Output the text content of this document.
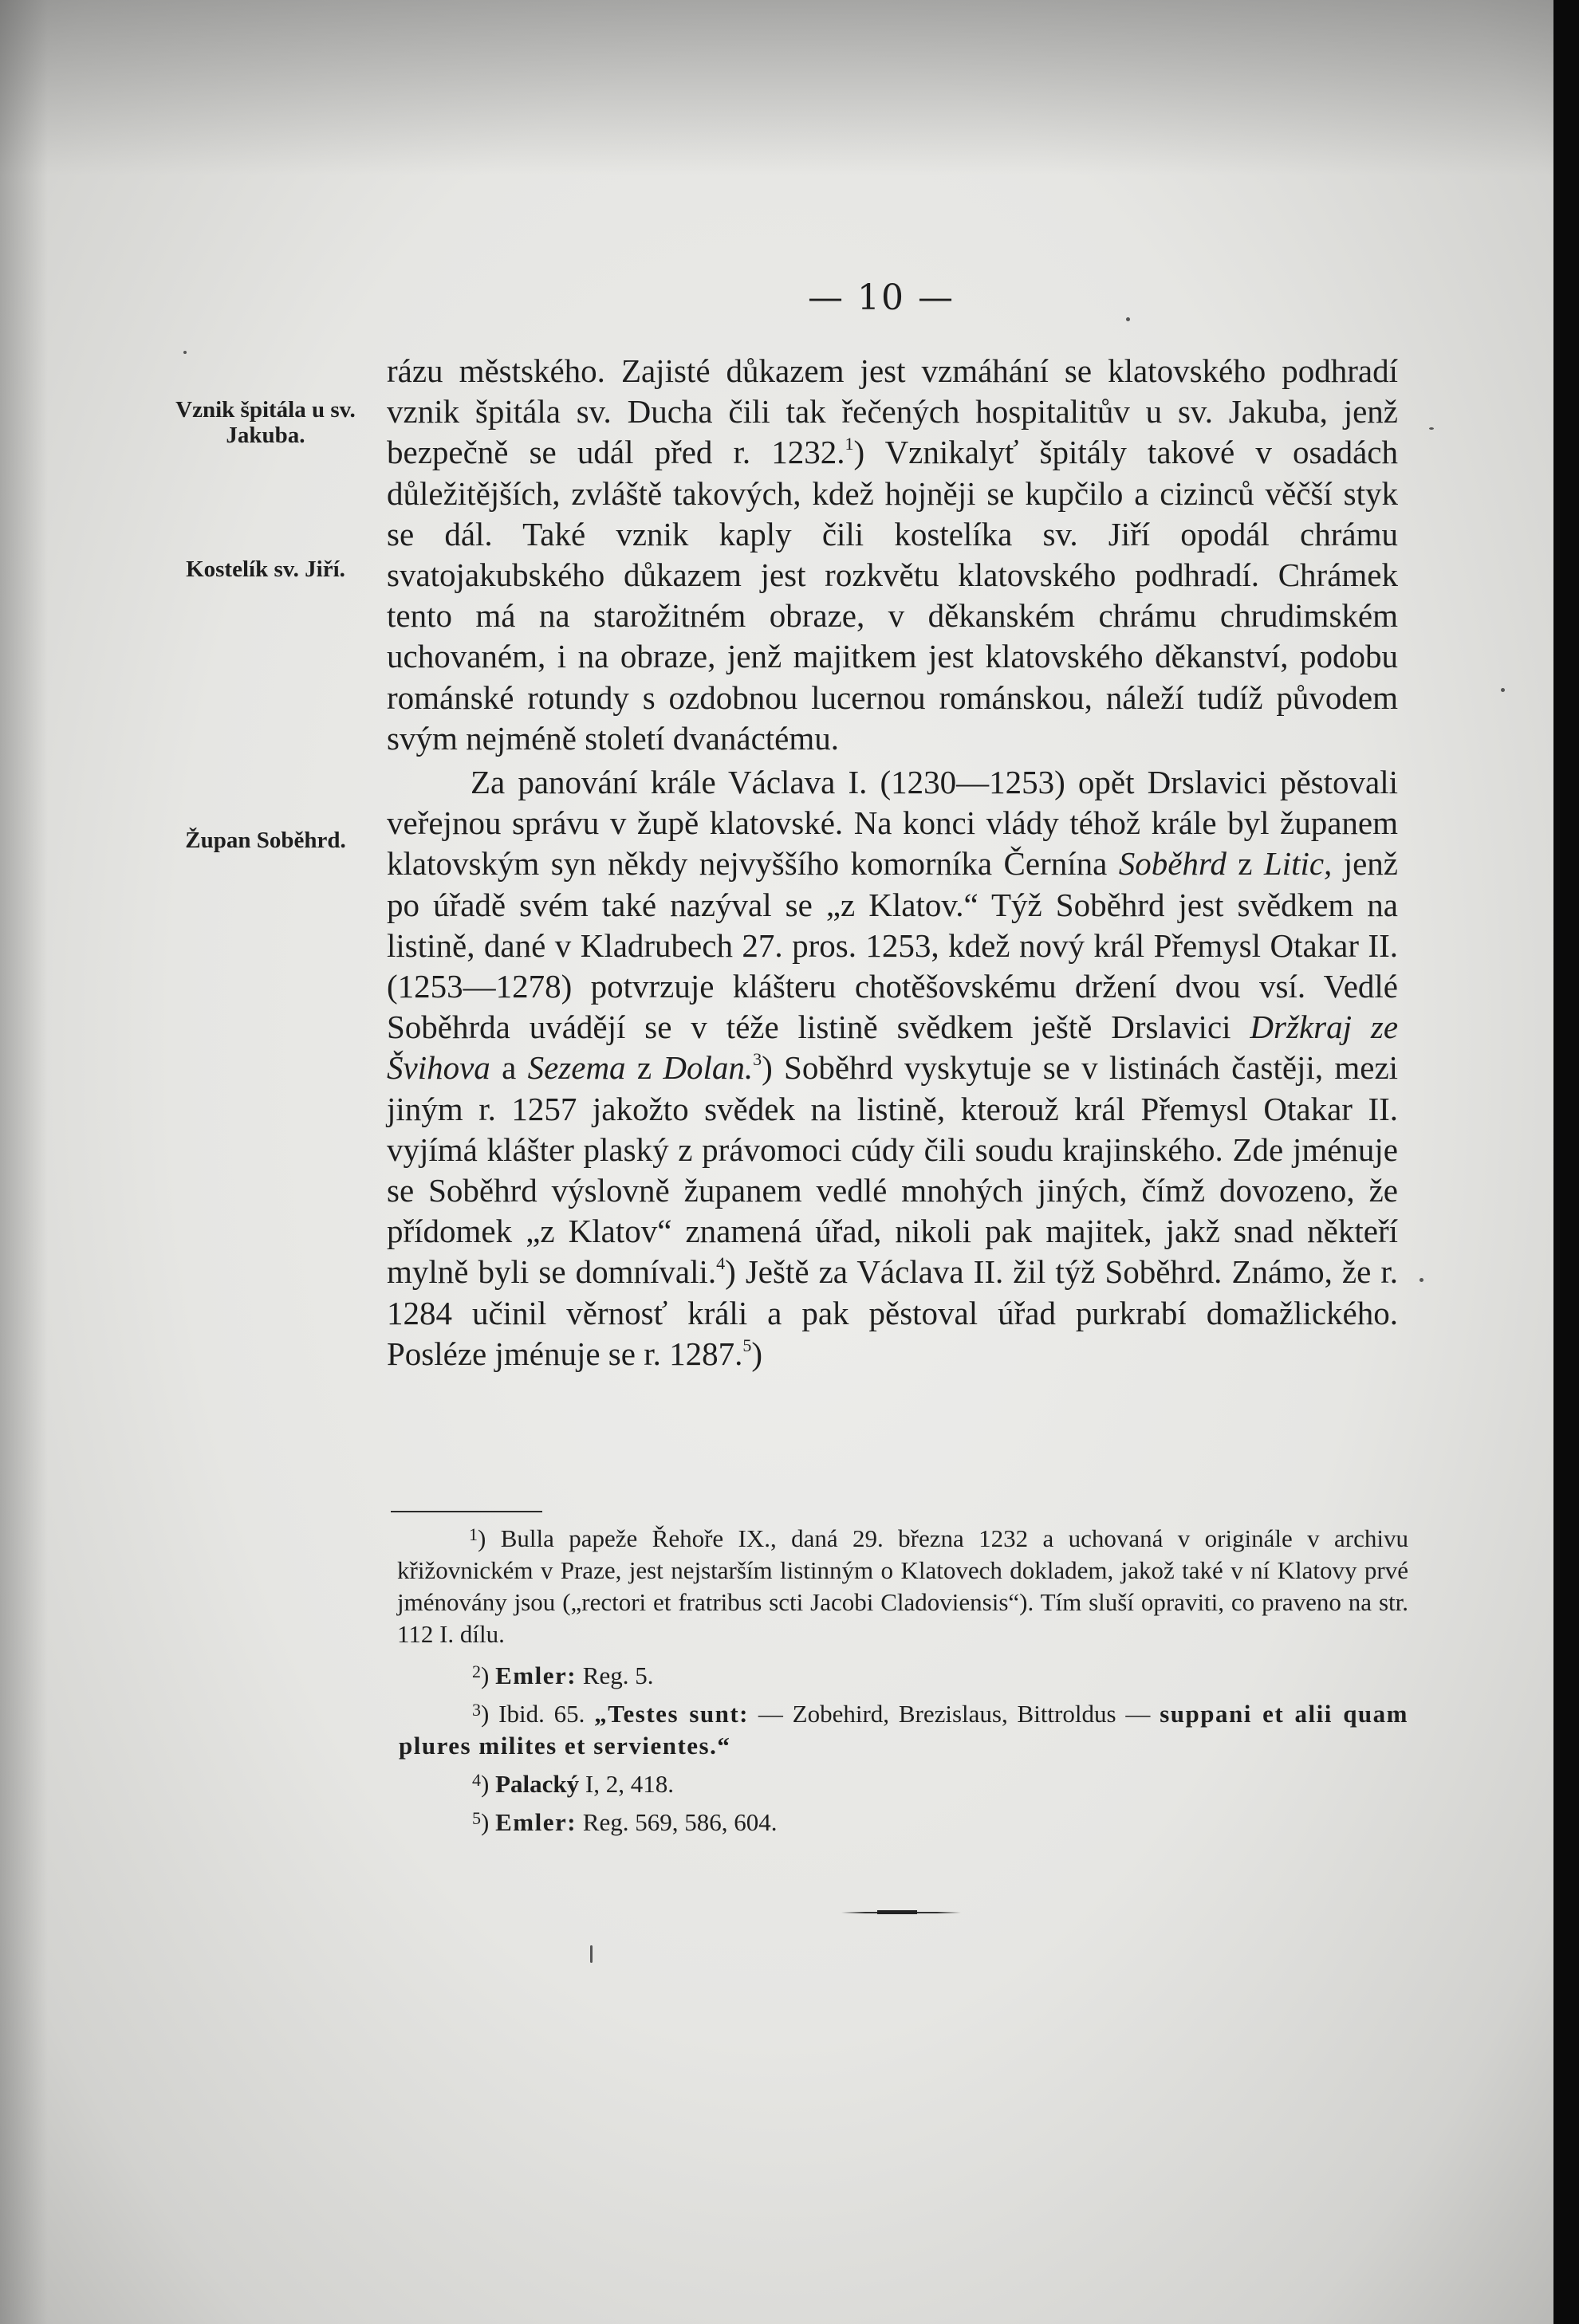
— 10 —
Vznik špitála u sv. Jakuba.
Kostelík sv. Jiří.
Župan Soběhrd.

rázu městského. Zajisté důkazem jest vzmáhání se klatovského podhradí vznik špitála sv. Ducha čili tak řečených hospitalitův u sv. Jakuba, jenž bezpečně se udál před r. 1232.$^1$) Vznikalyť špitály takové v osadách důležitějších, zvláště takových, kdež hojněji se kupčilo a cizinců věčší styk se dál. Také vznik kaply čili kostelíka sv. Jiří opodál chrámu svatojakubského důkazem jest rozkvětu klatovského podhradí. Chrámek tento má na starožitném obraze, v děkanském chrámu chrudimském uchovaném, i na obraze, jenž majitkem jest klatovského děkanství, podobu románské rotundy s ozdobnou lucernou románskou, náleží tudíž původem svým nejméně století dvanáctému.

Za panování krále Václava I. (1230—1253) opět Drslavici pěstovali veřejnou správu v župě klatovské. Na konci vlády téhož krále byl županem klatovským syn někdy nejvyššího komorníka Černína Soběhrd z Litic, jenž po úřadě svém také nazýval se „z Klatov.“ Týž Soběhrd jest svědkem na listině, dané v Kladrubech 27. pros. 1253, kdež nový král Přemysl Otakar II. (1253—1278) potvrzuje klášteru chotěšovskému držení dvou vsí. Vedlé Soběhrda uvádějí se v téže listině svědkem ještě Drslavici Držkraj ze Švihova a Sezema z Dolan.$^3$) Soběhrd vyskytuje se v listinách častěji, mezi jiným r. 1257 jakožto svědek na listině, kterouž král Přemysl Otakar II. vyjímá klášter plaský z právomoci cúdy čili soudu krajinského. Zde jménuje se Soběhrd výslovně županem vedlé mnohých jiných, čímž dovozeno, že přídomek „z Klatov“ znamená úřad, nikoli pak majitek, jakž snad někteří mylně byli se domnívali.$^4$) Ještě za Václava II. žil týž Soběhrd. Známo, že r. 1284 učinil věrnosť králi a pak pěstoval úřad purkrabí domažlického. Posléze jménuje se r. 1287.$^5$)

$^1$) Bulla papeže Řehoře IX., daná 29. března 1232 a uchovaná v originále v archivu křižovnickém v Praze, jest nejstarším listinným o Klatovech dokladem, jakož také v ní Klatovy prvé jménovány jsou („rectori et fratribus scti Jacobi Cladoviensis“). Tím sluší opraviti, co praveno na str. 112 I. dílu.

$^2$) Emler: Reg. 5.

$^3$) Ibid. 65. „Testes sunt: — Zobehird, Brezislaus, Bittroldus — suppani et alii quam plures milites et servientes.“

$^4$) Palacký I, 2, 418.

$^5$) Emler: Reg. 569, 586, 604.
